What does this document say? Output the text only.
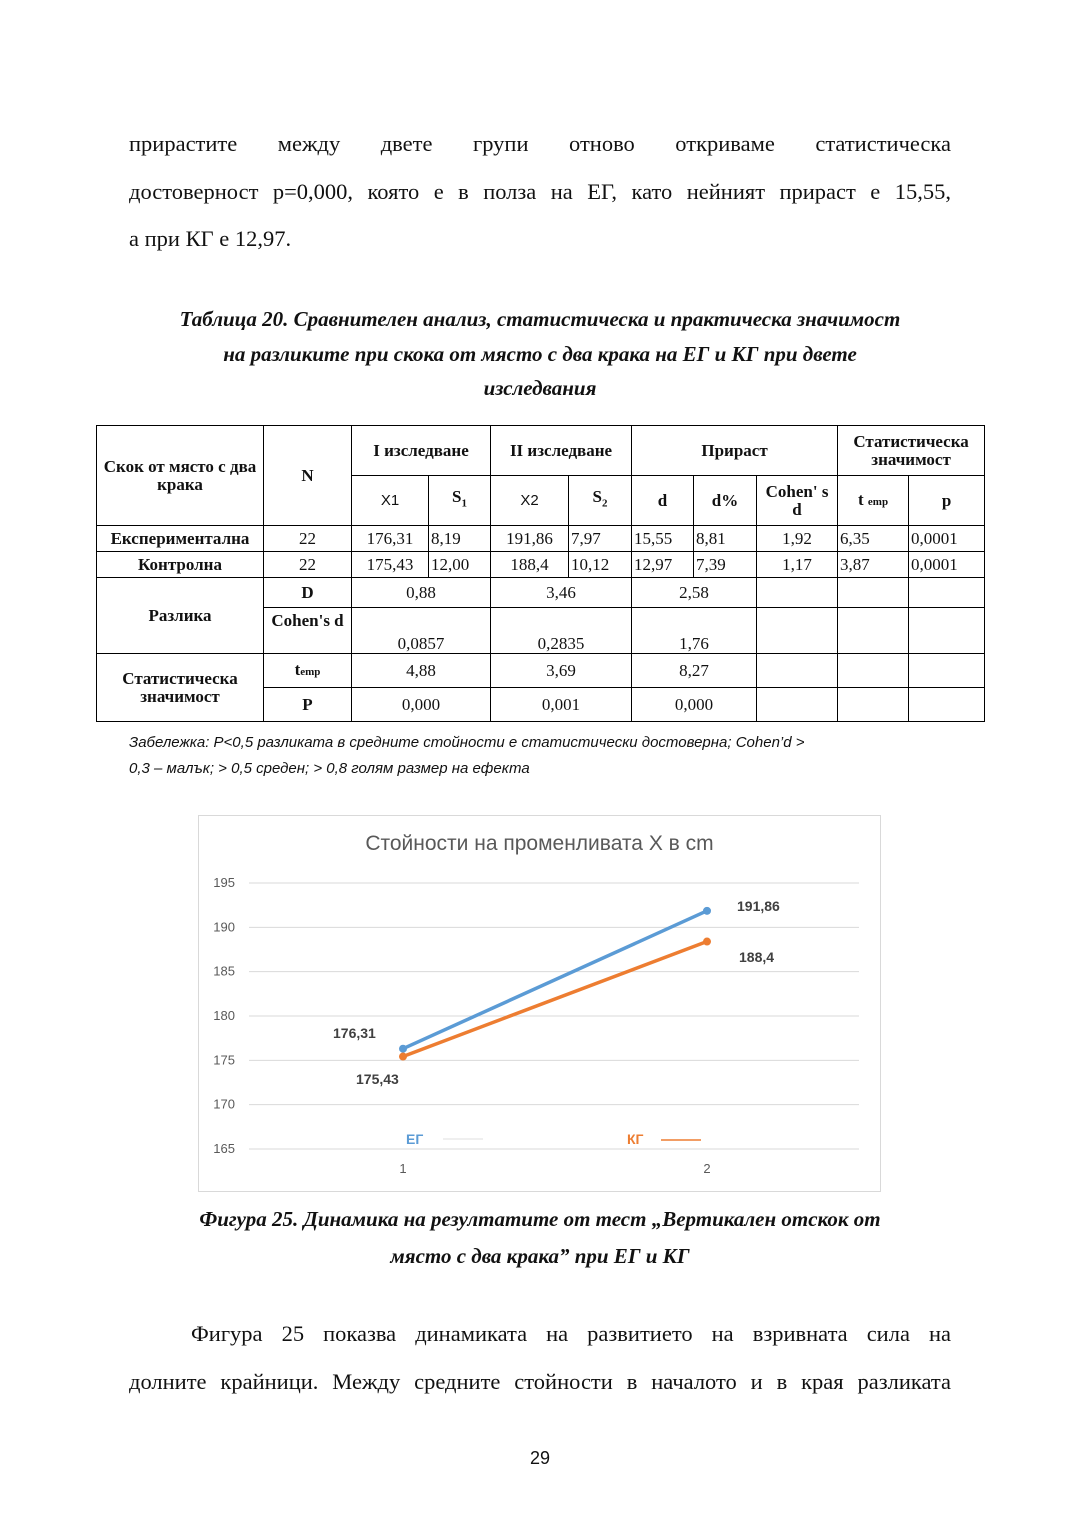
прирастите между двете групи отново откриваме статистическа
достоверност p=0,000, която е в полза на ЕГ, като нейният прираст е 15,55,
а при КГ е 12,97.
Таблица 20. Сравнителен анализ, статистическа и практическа значимост
на разликите при скока от място с два крака на ЕГ и КГ при двете
изследвания
Скок от място с два крака	N	I изследване		II изследване		Прираст			Статистическа значимост	
		X1	$S_1$	X2	$S_2$	d	d%	Cohen' s d	t emp	p
Експериментална	22	176,31	8,19	191,86	7,97	15,55	8,81	1,92	6,35	0,0001
Контролна	22	175,43	12,00	188,4	10,12	12,97	7,39	1,17	3,87	0,0001
Разлика	D	0,88		3,46		2,58				
	Cohen's d	0,0857		0,2835		1,76				
Статистическа значимост	temp	4,88		3,69		8,27				
	P	0,000		0,001		0,000				
Забележка: P<0,5 разликата в средните стойности е статистически достоверна; Cohen’d >
0,3 – малък; > 0,5 среден; > 0,8 голям размер на ефекта
Стойности на променливата X в cm
165
170
175
180
185
190
195
1	2
176,31
191,86
175,43
188,4
ЕГ	КГ
Фигура 25. Динамика на резултатите от тест „Вертикален отскок от
място с два крака” при ЕГ и КГ
Фигура 25 показва динамиката на развитието на взривната сила на
долните крайници. Между средните стойности в началото и в края разликата
29
